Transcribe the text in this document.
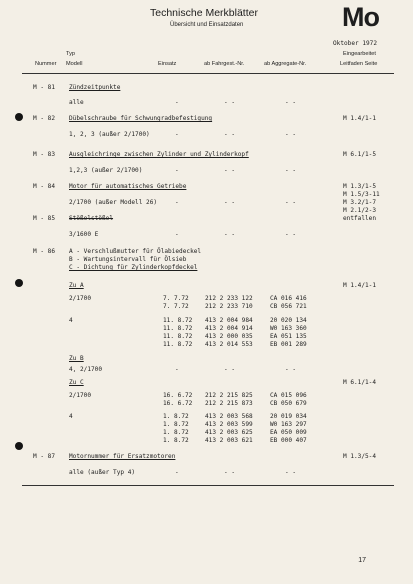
Technische Merkblätter
Übersicht und Einsatzdaten	Mo
Oktober 1972
Typ
Nummer Modell	Einsatz	ab Fahrgest.-Nr.	ab Aggregate-Nr.
Eingearbeitet
Leitfaden Seite
M - 81 Zündzeitpunkte
alle	-	- -	- -
M - 82 Dübelschraube für Schwungradbefestigung	M 1.4/1-1
1, 2, 3 (außer 2/1700)	-	- -	- -
M - 83 Ausgleichringe zwischen Zylinder und Zylinderkopf	M 6.1/1-5
1,2,3 (außer 2/1700)	-	- -	- -
M - 84 Motor für automatisches Getriebe	M 1.3/1-5
M 1.5/3-11
M 3.2/1-7
M 2.1/2-3
2/1700 (außer Modell 26)	-	- -	- -
M - 85 Stößelstößel	entfallen
3/1600 E	-	- -	- -
M - 86 A - Verschlußmutter für Ölabiedeckel
B - Wartungsintervall für Ölsieb
C - Dichtung für Zylinderkopfdeckel
Zu A	M 1.4/1-1
2/1700	7. 7.72	212 2 233 122	CA 016 416
7. 7.72	212 2 233 710	CB 056 721
4	11. 8.72 413 2 004 984	20 020 134
11. 8.72 413 2 004 914	W0 163 360
11. 8.72 413 2 000 035	EA 051 135
11. 8.72 413 2 014 553	EB 001 289
Zu B
4, 2/1700	-	- -	- -
Zu C	M 6.1/1-4
2/1700	16. 6.72 212 2 215 825	CA 015 096
16. 6.72 212 2 215 873	CB 050 679
4	1. 8.72	413 2 003 568	20 019 034
1. 8.72	413 2 003 599	W0 163 297
1. 8.72	413 2 003 625	EA 050 009
1. 8.72	413 2 003 621	EB 000 407
M - 87 Motornummer für Ersatzmotoren	M 1.3/5-4
alle (außer Typ 4)	-	- -	- -
17
